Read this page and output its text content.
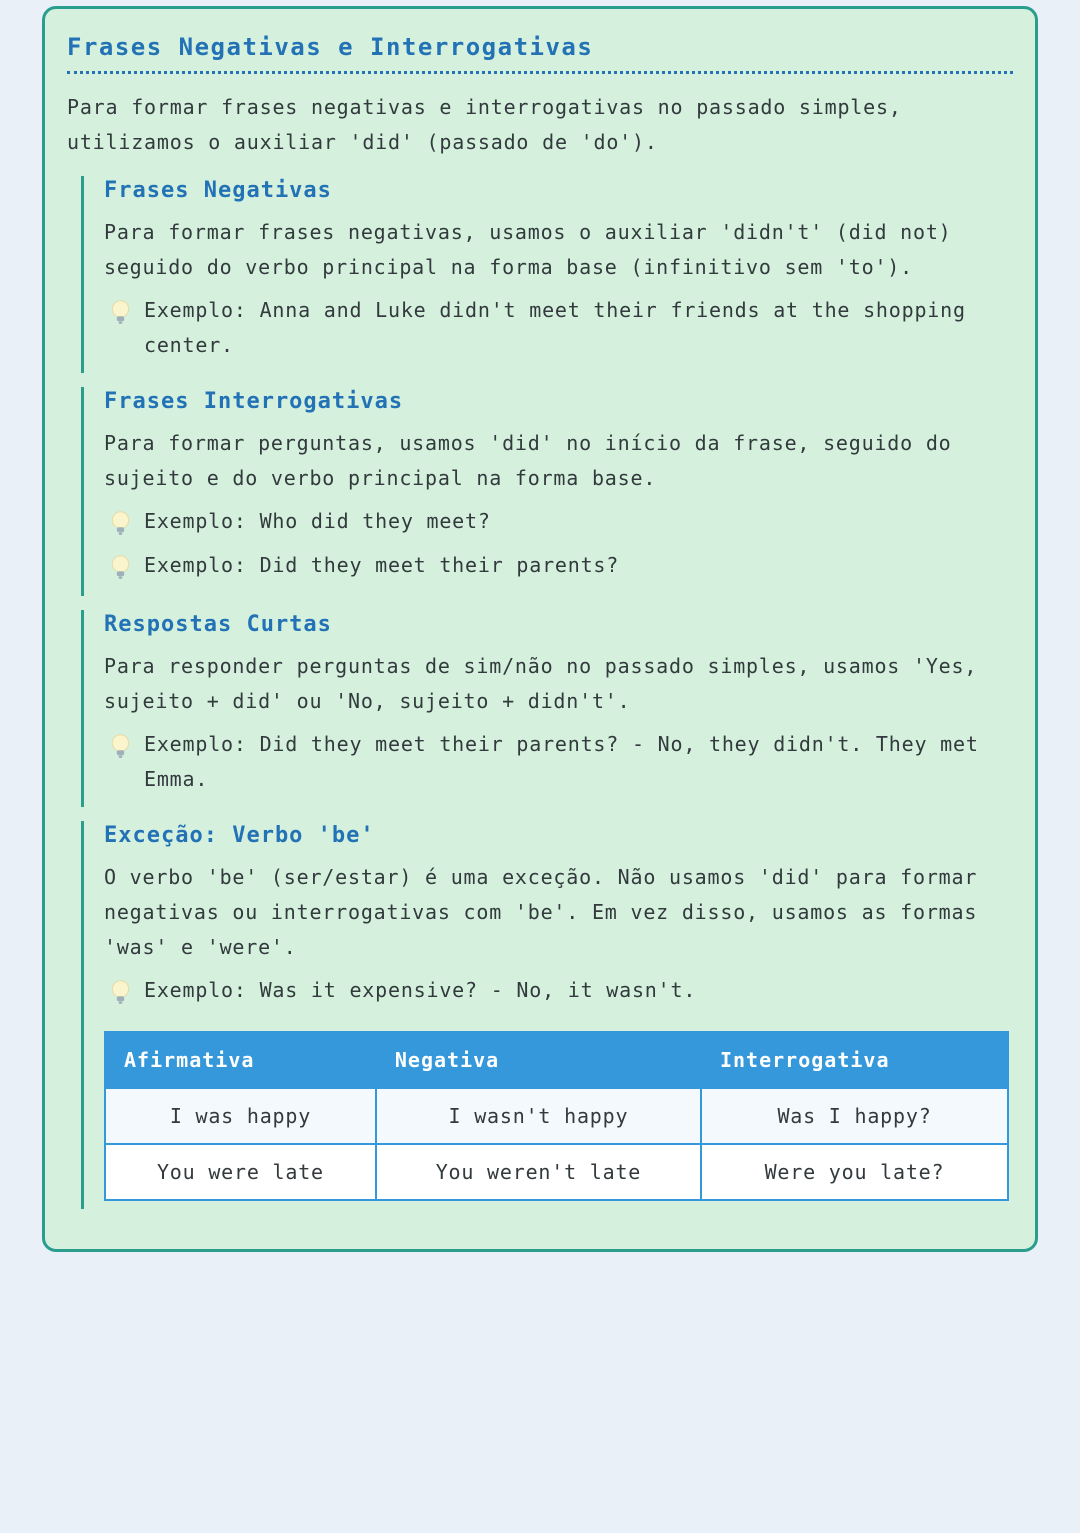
Frases Negativas e Interrogativas

Para formar frases negativas e interrogativas no passado simples, utilizamos o auxiliar 'did' (passado de 'do').

Frases Negativas

Para formar frases negativas, usamos o auxiliar 'didn't' (did not) seguido do verbo principal na forma base (infinitivo sem 'to').

Exemplo: Anna and Luke didn't meet their friends at the shopping center.
Frases Interrogativas

Para formar perguntas, usamos 'did' no início da frase, seguido do sujeito e do verbo principal na forma base.

Exemplo: Who did they meet?
Exemplo: Did they meet their parents?
Respostas Curtas

Para responder perguntas de sim/não no passado simples, usamos 'Yes, sujeito + did' ou 'No, sujeito + didn't'.

Exemplo: Did they meet their parents? - No, they didn't. They met Emma.
Exceção: Verbo 'be'

O verbo 'be' (ser/estar) é uma exceção. Não usamos 'did' para formar negativas ou interrogativas com 'be'. Em vez disso, usamos as formas 'was' e 'were'.

Exemplo: Was it expensive? - No, it wasn't.
Afirmativa	Negativa	Interrogativa
I was happy	I wasn't happy	Was I happy?
You were late	You weren't late	Were you late?
